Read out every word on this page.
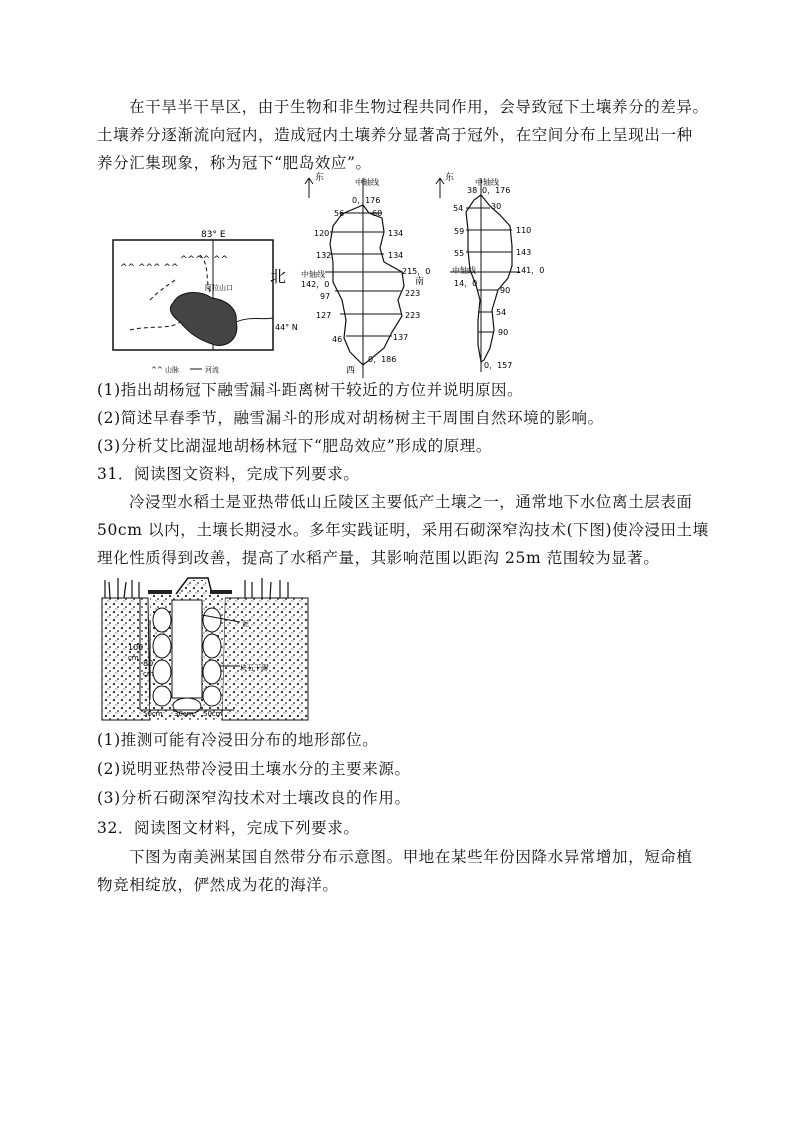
在干旱半干旱区，由于生物和非生物过程共同作用，会导致冠下土壤养分的差异。
土壤养分逐渐流向冠内，造成冠内土壤养分显著高于冠外，在空间分布上呈现出一种
养分汇集现象，称为冠下“肥岛效应”。
83° E
44° N
^^ ^^^ ^^
^^^^ ^^
阿拉山口
山脉	河流
^^
北
东	中轴线
0，176
56
120
132
中轴线
142，0
97
127
46
60
134
134
215，0
223
223
137
0，186
西
南
东	中轴线
38 0，176
54
59
55
中轴线
14，0
30
110
143
141，0
90
54
90
0，157
(1)指出胡杨冠下融雪漏斗距离树干较近的方位并说明原因。
(2)简述早春季节，融雪漏斗的形成对胡杨树主干周围自然环境的影响。
(3)分析艾比湖湿地胡杨林冠下“肥岛效应”形成的原理。
31．阅读图文资料，完成下列要求。
冷浸型水稻土是亚热带低山丘陵区主要低产土壤之一，通常地下水位离土层表面
50cm 以内，土壤长期浸水。多年实践证明，采用石砌深窄沟技术(下图)使冷浸田土壤
理化性质得到改善，提高了水稻产量，其影响范围以距沟 25m 范围较为显著。
100
cm
80
cm
泥
块石干砌
50cm 30cm 50cm
(1)推测可能有冷浸田分布的地形部位。
(2)说明亚热带冷浸田土壤水分的主要来源。
(3)分析石砌深窄沟技术对土壤改良的作用。
32．阅读图文材料，完成下列要求。
下图为南美洲某国自然带分布示意图。甲地在某些年份因降水异常增加，短命植
物竞相绽放，俨然成为花的海洋。
